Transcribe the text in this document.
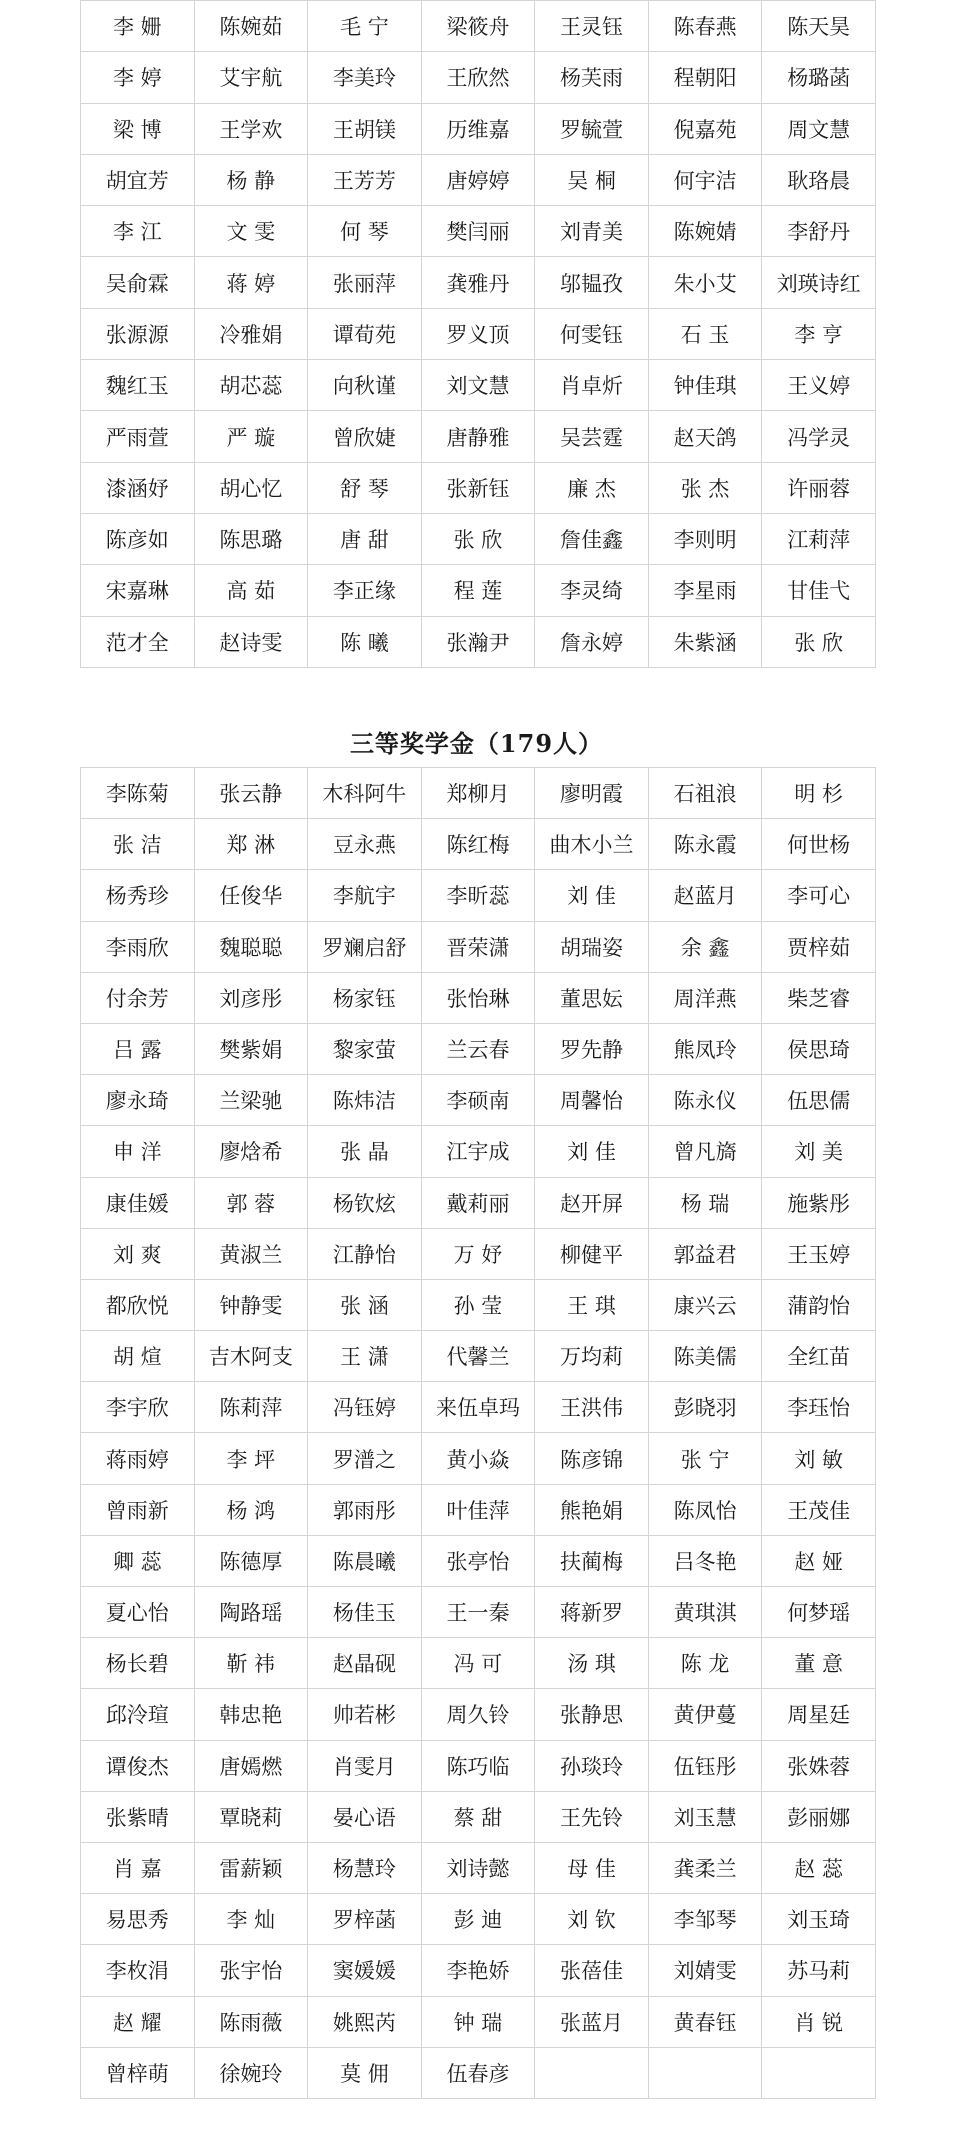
李 姗	陈婉茹	毛 宁	梁筱舟	王灵钰	陈春燕	陈天昊
李 婷	艾宇航	李美玲	王欣然	杨芙雨	程朝阳	杨璐菡
梁 博	王学欢	王胡镁	历维嘉	罗毓萱	倪嘉苑	周文慧
胡宜芳	杨 静	王芳芳	唐婷婷	吴 桐	何宇洁	耿珞晨
李 江	文 雯	何 琴	樊闫丽	刘青美	陈婉婧	李舒丹
吴俞霖	蒋 婷	张丽萍	龚雅丹	邬韫孜	朱小艾	刘瑛诗红
张源源	冷雅娟	谭荀苑	罗义顶	何雯钰	石 玉	李 亨
魏红玉	胡芯蕊	向秋谨	刘文慧	肖卓炘	钟佳琪	王义婷
严雨萱	严 璇	曾欣婕	唐静雅	吴芸霆	赵天鸽	冯学灵
漆涵妤	胡心忆	舒 琴	张新钰	廉 杰	张 杰	许丽蓉
陈彦如	陈思璐	唐 甜	张 欣	詹佳鑫	李则明	江莉萍
宋嘉琳	高 茹	李正缘	程 莲	李灵绮	李星雨	甘佳弋
范才全	赵诗雯	陈 曦	张瀚尹	詹永婷	朱紫涵	张 欣
三等奖学金（179人）
李陈菊	张云静	木科阿牛	郑柳月	廖明霞	石祖浪	明 杉
张 洁	郑 淋	豆永燕	陈红梅	曲木小兰	陈永霞	何世杨
杨秀珍	任俊华	李航宇	李昕蕊	刘 佳	赵蓝月	李可心
李雨欣	魏聪聪	罗斓启舒	晋荣潇	胡瑞姿	余 鑫	贾梓茹
付余芳	刘彦彤	杨家钰	张怡琳	董思妘	周洋燕	柴芝睿
吕 露	樊紫娟	黎家萤	兰云春	罗先静	熊凤玲	侯思琦
廖永琦	兰梁驰	陈炜洁	李硕南	周馨怡	陈永仪	伍思儒
申 洋	廖焓希	张 晶	江宇成	刘 佳	曾凡旖	刘 美
康佳媛	郭 蓉	杨钦炫	戴莉丽	赵开屏	杨 瑞	施紫彤
刘 爽	黄淑兰	江静怡	万 妤	柳健平	郭益君	王玉婷
都欣悦	钟静雯	张 涵	孙 莹	王 琪	康兴云	蒲韵怡
胡 煊	吉木阿支	王 潇	代馨兰	万均莉	陈美儒	全红苗
李宇欣	陈莉萍	冯钰婷	来伍卓玛	王洪伟	彭晓羽	李珏怡
蒋雨婷	李 坪	罗潽之	黄小焱	陈彦锦	张 宁	刘 敏
曾雨新	杨 鸿	郭雨彤	叶佳萍	熊艳娟	陈凤怡	王茂佳
卿 蕊	陈德厚	陈晨曦	张亭怡	扶蔺梅	吕冬艳	赵 娅
夏心怡	陶路瑶	杨佳玉	王一秦	蒋新罗	黄琪淇	何梦瑶
杨长碧	靳 祎	赵晶砚	冯 可	汤 琪	陈 龙	董 意
邱泠瑄	韩忠艳	帅若彬	周久铃	张静思	黄伊蔓	周星廷
谭俊杰	唐嫣燃	肖雯月	陈巧临	孙琰玲	伍钰彤	张姝蓉
张紫晴	覃晓莉	晏心语	蔡 甜	王先铃	刘玉慧	彭丽娜
肖 嘉	雷薪颖	杨慧玲	刘诗懿	母 佳	龚柔兰	赵 蕊
易思秀	李 灿	罗梓菡	彭 迪	刘 钦	李邹琴	刘玉琦
李枚涓	张宇怡	窦媛媛	李艳娇	张蓓佳	刘婧雯	苏马莉
赵 耀	陈雨薇	姚熙芮	钟 瑞	张蓝月	黄春钰	肖 锐
曾梓萌	徐婉玲	莫 佣	伍春彦			
